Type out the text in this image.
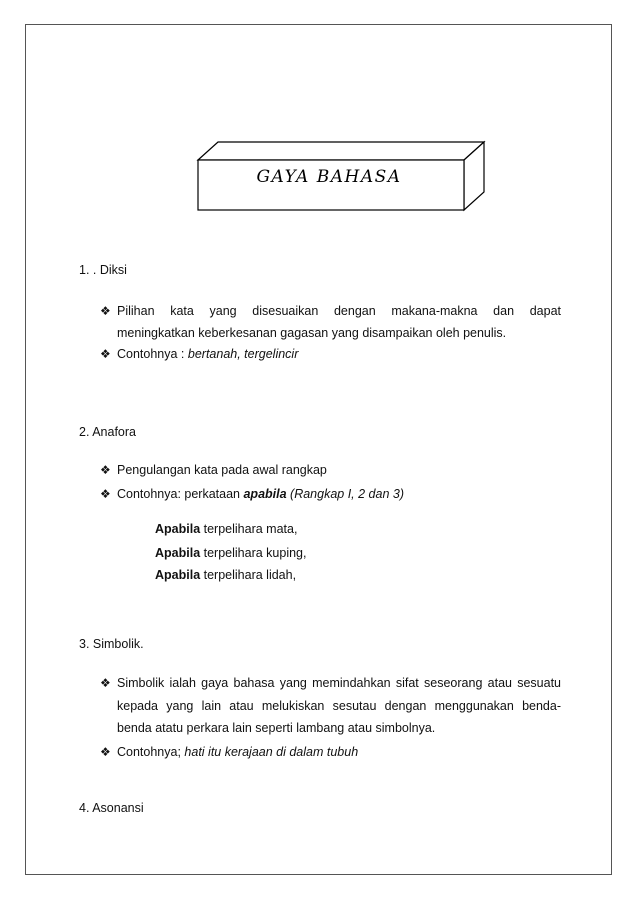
GAYA BAHASA
1. . Diksi
❖ Pilihan kata yang disesuaikan dengan makana-makna dan dapat
meningkatkan keberkesanan gagasan yang disampaikan oleh penulis.
❖ Contohnya : bertanah, tergelincir
2. Anafora
❖ Pengulangan kata pada awal rangkap
❖ Contohnya: perkataan apabila (Rangkap I, 2 dan 3)
Apabila terpelihara mata,
Apabila terpelihara kuping,
Apabila terpelihara lidah,
3. Simbolik.
❖ Simbolik ialah gaya bahasa yang memindahkan sifat seseorang atau sesuatu
kepada yang lain atau melukiskan sesutau dengan menggunakan benda-
benda atatu perkara lain seperti lambang atau simbolnya.
❖ Contohnya; hati itu kerajaan di dalam tubuh
4. Asonansi
